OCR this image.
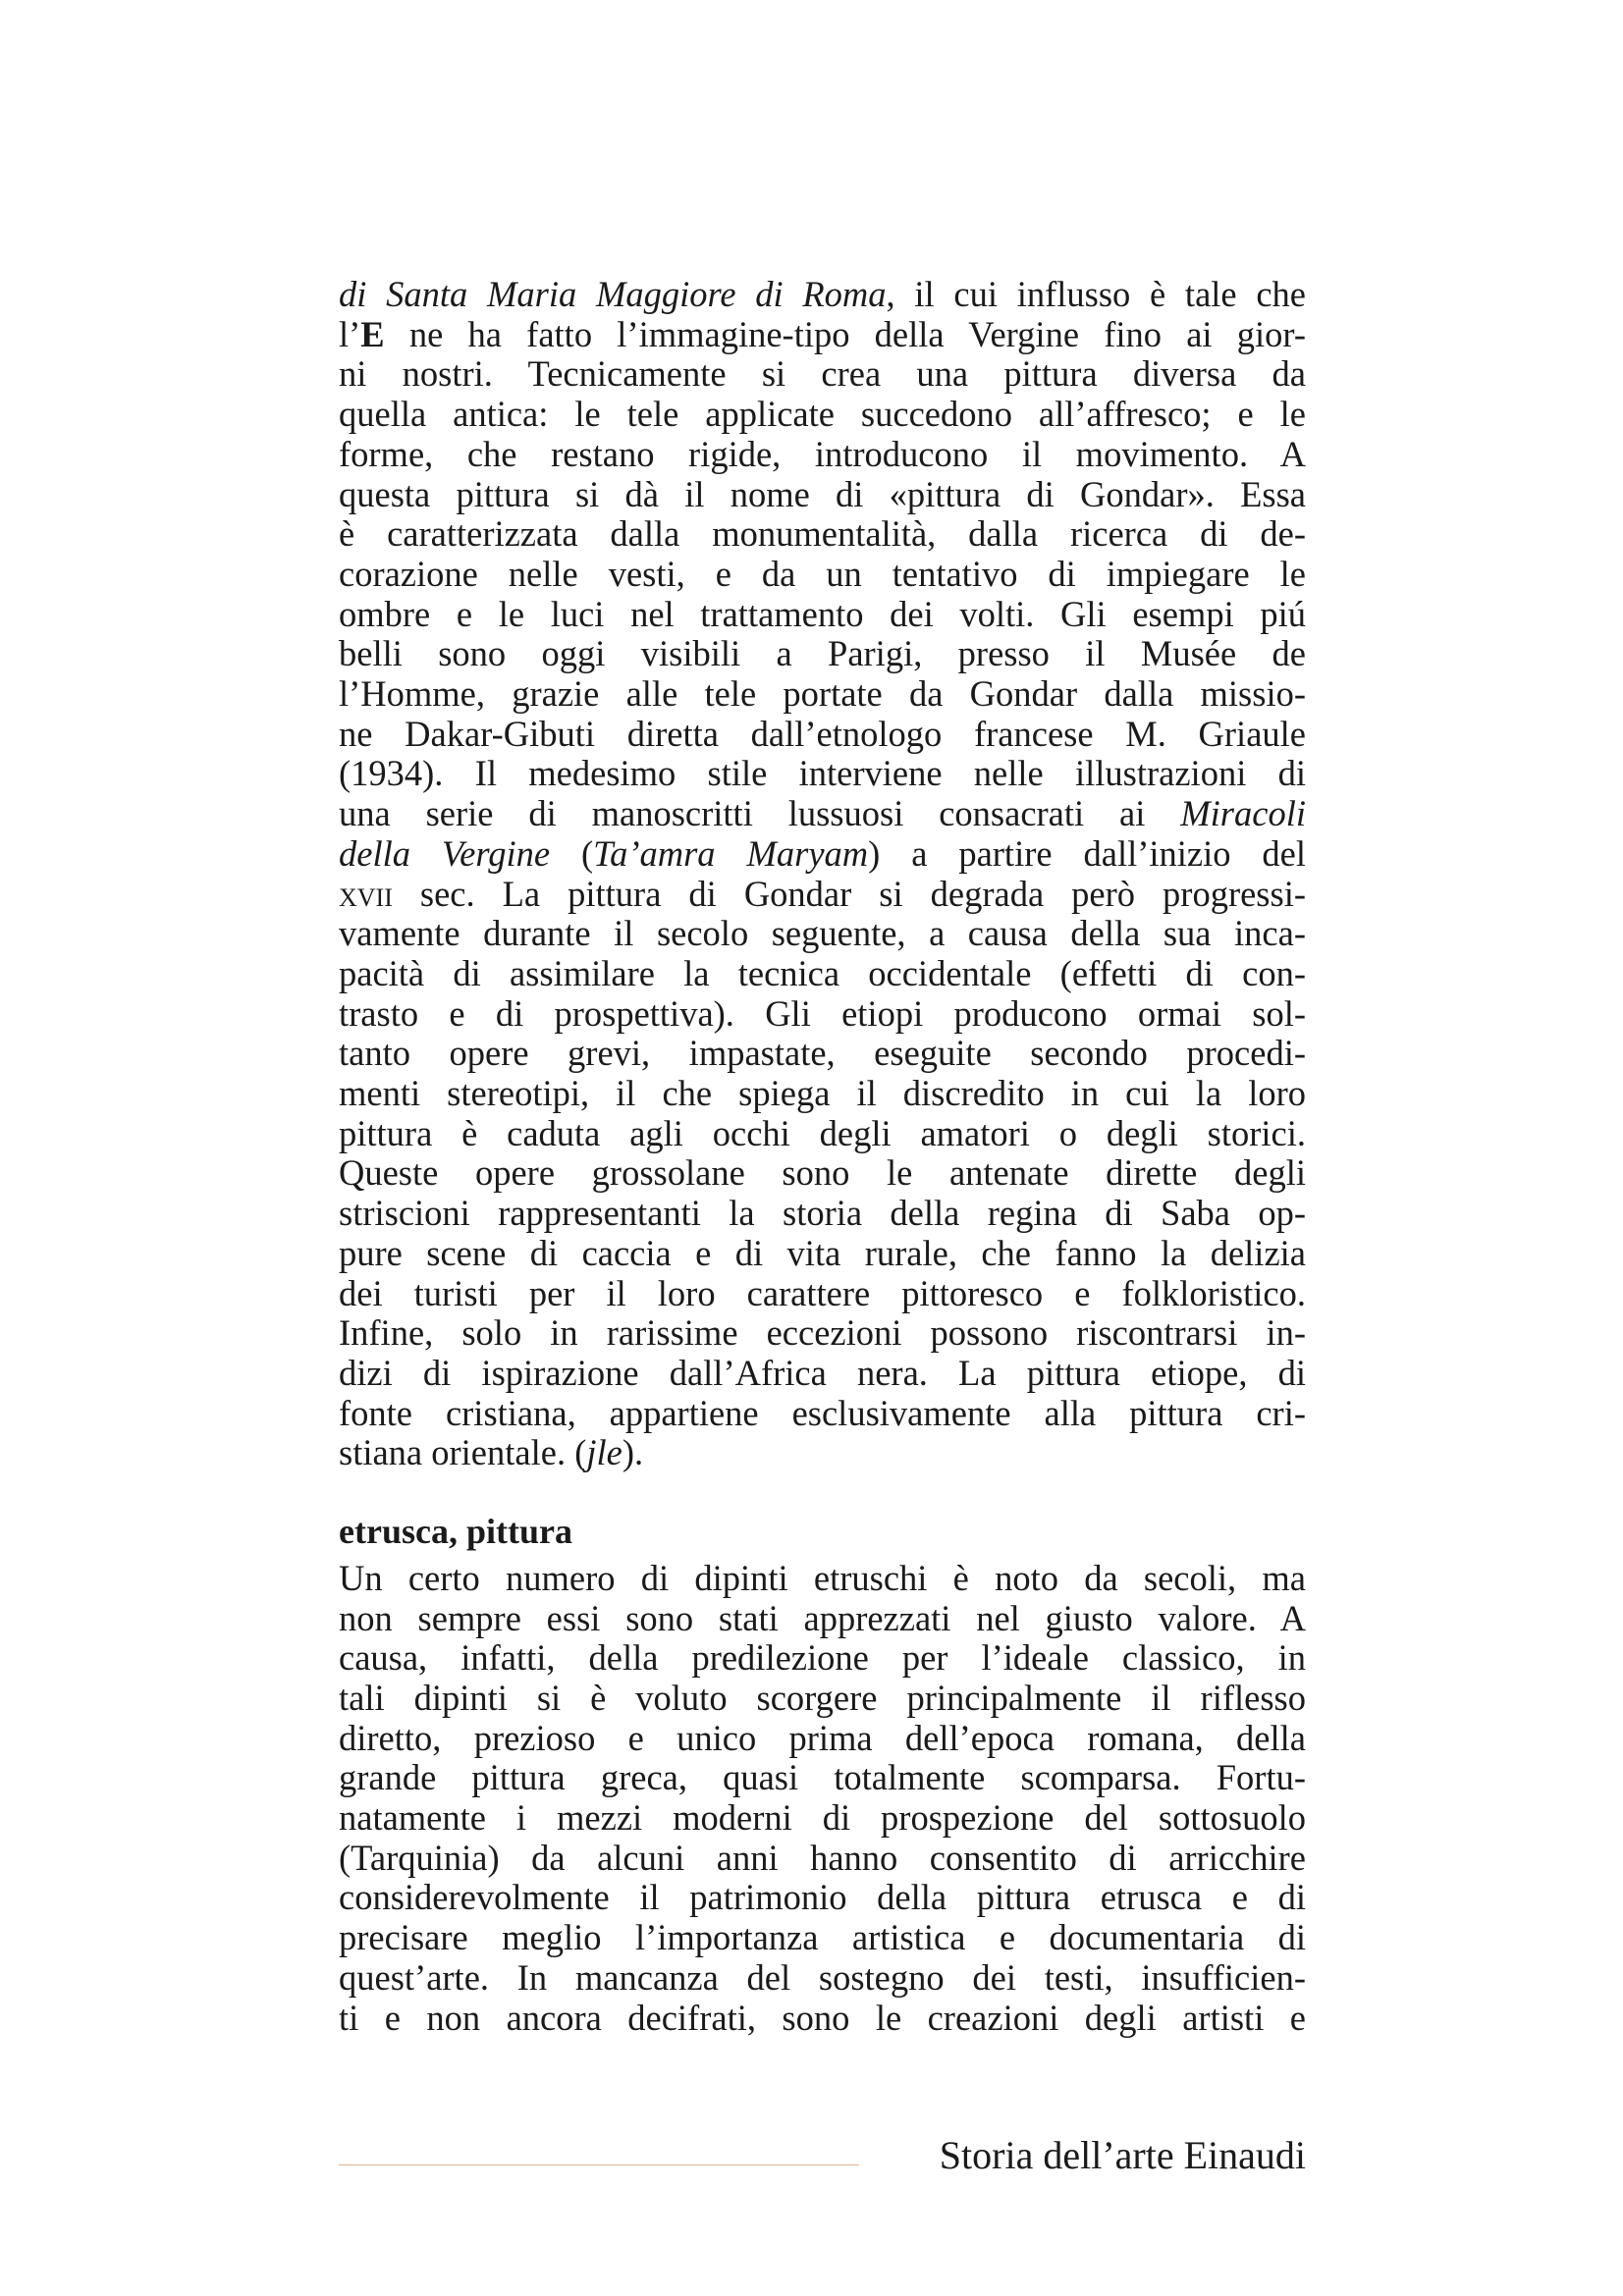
di Santa Maria Maggiore di Roma, il cui influsso è tale che
l’E ne ha fatto l’immagine-tipo della Vergine fino ai gior-
ni nostri. Tecnicamente si crea una pittura diversa da
quella antica: le tele applicate succedono all’affresco; e le
forme, che restano rigide, introducono il movimento. A
questa pittura si dà il nome di «pittura di Gondar». Essa
è caratterizzata dalla monumentalità, dalla ricerca di de-
corazione nelle vesti, e da un tentativo di impiegare le
ombre e le luci nel trattamento dei volti. Gli esempi piú
belli sono oggi visibili a Parigi, presso il Musée de
l’Homme, grazie alle tele portate da Gondar dalla missio-
ne Dakar-Gibuti diretta dall’etnologo francese M. Griaule
(1934). Il medesimo stile interviene nelle illustrazioni di
una serie di manoscritti lussuosi consacrati ai Miracoli
della Vergine (Ta’amra Maryam) a partire dall’inizio del
xvii sec. La pittura di Gondar si degrada però progressi-
vamente durante il secolo seguente, a causa della sua inca-
pacità di assimilare la tecnica occidentale (effetti di con-
trasto e di prospettiva). Gli etiopi producono ormai sol-
tanto opere grevi, impastate, eseguite secondo procedi-
menti stereotipi, il che spiega il discredito in cui la loro
pittura è caduta agli occhi degli amatori o degli storici.
Queste opere grossolane sono le antenate dirette degli
striscioni rappresentanti la storia della regina di Saba op-
pure scene di caccia e di vita rurale, che fanno la delizia
dei turisti per il loro carattere pittoresco e folkloristico.
Infine, solo in rarissime eccezioni possono riscontrarsi in-
dizi di ispirazione dall’Africa nera. La pittura etiope, di
fonte cristiana, appartiene esclusivamente alla pittura cri-
stiana orientale. (jle).
etrusca, pittura
Un certo numero di dipinti etruschi è noto da secoli, ma
non sempre essi sono stati apprezzati nel giusto valore. A
causa, infatti, della predilezione per l’ideale classico, in
tali dipinti si è voluto scorgere principalmente il riflesso
diretto, prezioso e unico prima dell’epoca romana, della
grande pittura greca, quasi totalmente scomparsa. Fortu-
natamente i mezzi moderni di prospezione del sottosuolo
(Tarquinia) da alcuni anni hanno consentito di arricchire
considerevolmente il patrimonio della pittura etrusca e di
precisare meglio l’importanza artistica e documentaria di
quest’arte. In mancanza del sostegno dei testi, insufficien-
ti e non ancora decifrati, sono le creazioni degli artisti e
Storia dell’arte Einaudi
